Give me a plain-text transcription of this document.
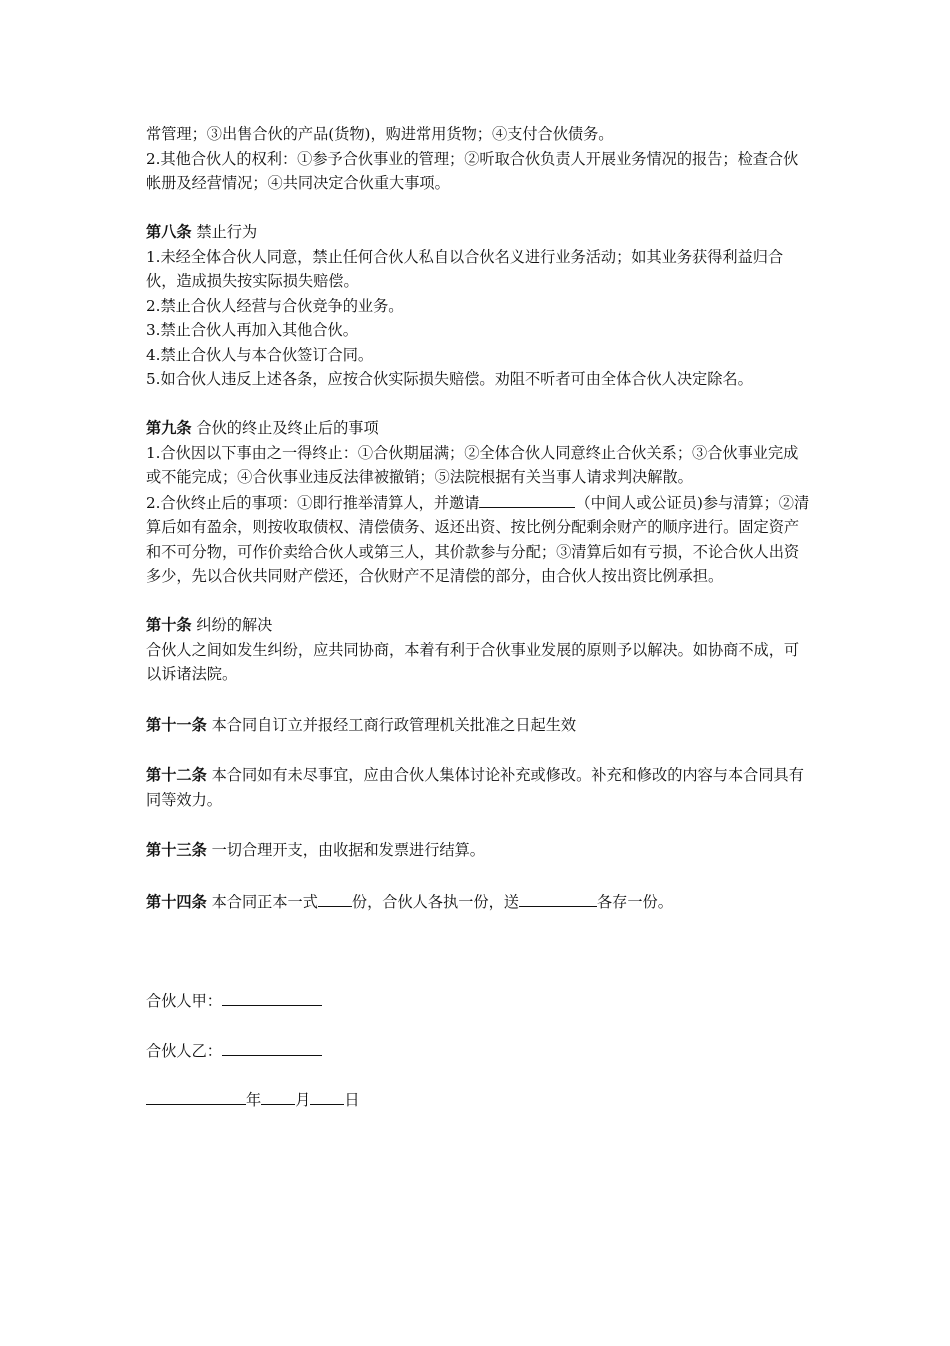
常管理；③出售合伙的产品(货物)，购进常用货物；④支付合伙债务。

2.其他合伙人的权利：①参予合伙事业的管理；②听取合伙负责人开展业务情况的报告；检查合伙帐册及经营情况；④共同决定合伙重大事项。

第八条 禁止行为

1.未经全体合伙人同意，禁止任何合伙人私自以合伙名义进行业务活动；如其业务获得利益归合伙，造成损失按实际损失赔偿。

2.禁止合伙人经营与合伙竞争的业务。

3.禁止合伙人再加入其他合伙。

4.禁止合伙人与本合伙签订合同。

5.如合伙人违反上述各条，应按合伙实际损失赔偿。劝阻不听者可由全体合伙人决定除名。

第九条 合伙的终止及终止后的事项

1.合伙因以下事由之一得终止：①合伙期届满；②全体合伙人同意终止合伙关系；③合伙事业完成或不能完成；④合伙事业违反法律被撤销；⑤法院根据有关当事人请求判决解散。

2.合伙终止后的事项：①即行推举清算人，并邀请	（中间人或公证员)参与清算；②清算后如有盈余，则按收取债权、清偿债务、返还出资、按比例分配剩余财产的顺序进行。固定资产和不可分物，可作价卖给合伙人或第三人，其价款参与分配；③清算后如有亏损，不论合伙人出资多少，先以合伙共同财产偿还，合伙财产不足清偿的部分，由合伙人按出资比例承担。

第十条 纠纷的解决

合伙人之间如发生纠纷，应共同协商，本着有利于合伙事业发展的原则予以解决。如协商不成，可以诉诸法院。

第十一条 本合同自订立并报经工商行政管理机关批准之日起生效

第十二条 本合同如有未尽事宜，应由合伙人集体讨论补充或修改。补充和修改的内容与本合同具有同等效力。

第十三条 一切合理开支，由收据和发票进行结算。

第十四条 本合同正本一式 份，合伙人各执一份，送	各存一份。

合伙人甲：

合伙人乙：

年 月 日
